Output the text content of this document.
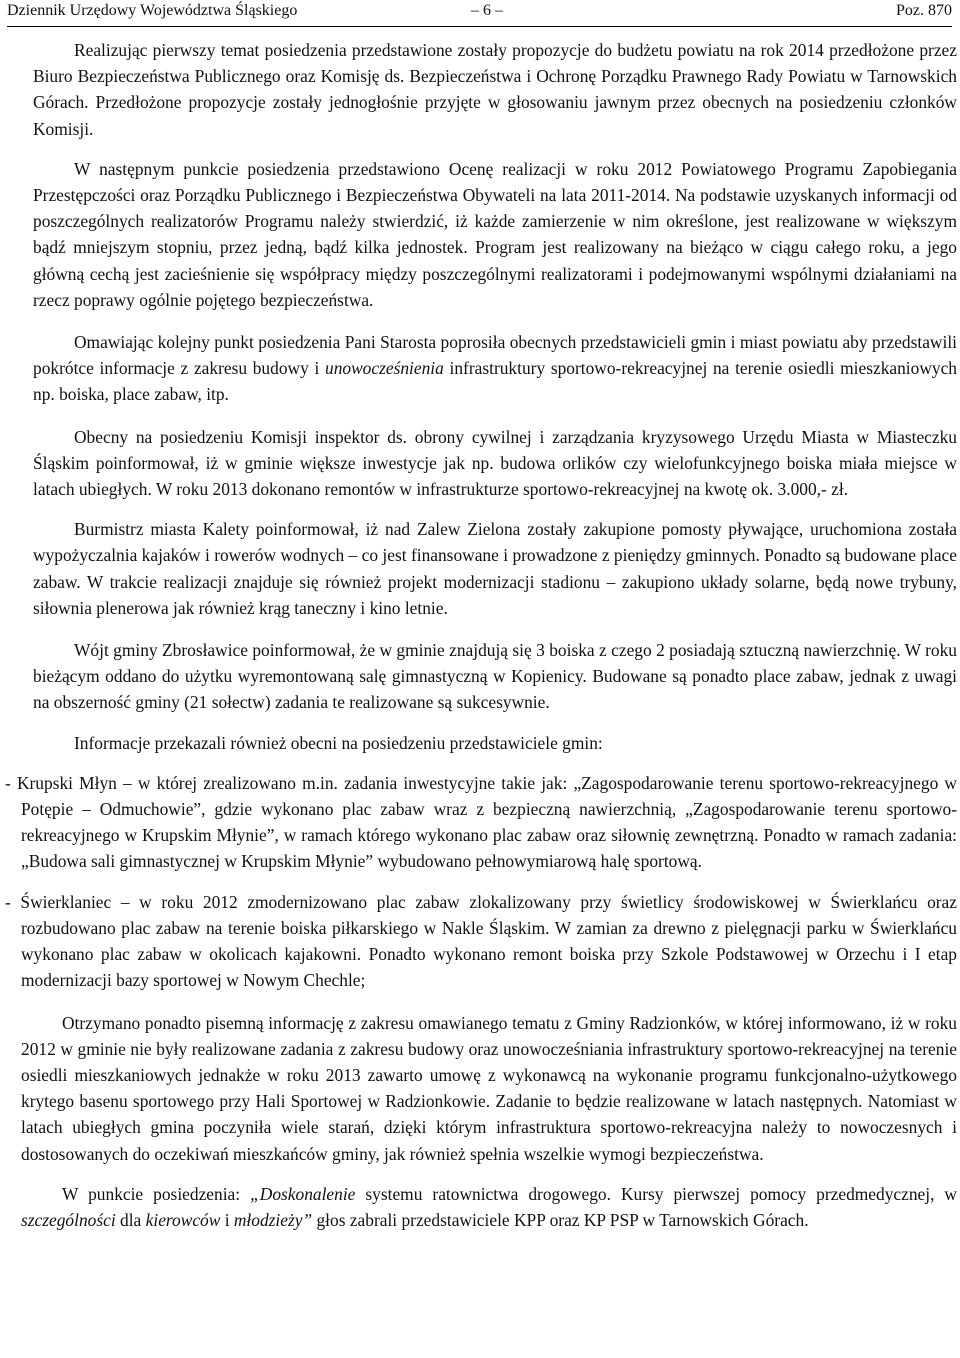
Dziennik Urzędowy Województwa Śląskiego	– 6 –	Poz. 870

Realizując pierwszy temat posiedzenia przedstawione zostały propozycje do budżetu powiatu na rok 2014 przedłożone przez Biuro Bezpieczeństwa Publicznego oraz Komisję ds. Bezpieczeństwa i Ochronę Porządku Prawnego Rady Powiatu w Tarnowskich Górach. Przedłożone propozycje zostały jednogłośnie przyjęte w głosowaniu jawnym przez obecnych na posiedzeniu członków Komisji.

W następnym punkcie posiedzenia przedstawiono Ocenę realizacji w roku 2012 Powiatowego Programu Zapobiegania Przestępczości oraz Porządku Publicznego i Bezpieczeństwa Obywateli na lata 2011-2014. Na podstawie uzyskanych informacji od poszczególnych realizatorów Programu należy stwierdzić, iż każde zamierzenie w nim określone, jest realizowane w większym bądź mniejszym stopniu, przez jedną, bądź kilka jednostek. Program jest realizowany na bieżąco w ciągu całego roku, a jego główną cechą jest zacieśnienie się współpracy między poszczególnymi realizatorami i podejmowanymi wspólnymi działaniami na rzecz poprawy ogólnie pojętego bezpieczeństwa.

Omawiając kolejny punkt posiedzenia Pani Starosta poprosiła obecnych przedstawicieli gmin i miast powiatu aby przedstawili pokrótce informacje z zakresu budowy i unowocześnienia infrastruktury sportowo-rekreacyjnej na terenie osiedli mieszkaniowych np. boiska, place zabaw, itp.

Obecny na posiedzeniu Komisji inspektor ds. obrony cywilnej i zarządzania kryzysowego Urzędu Miasta w Miasteczku Śląskim poinformował, iż w gminie większe inwestycje jak np. budowa orlików czy wielofunkcyjnego boiska miała miejsce w latach ubiegłych. W roku 2013 dokonano remontów w infrastrukturze sportowo-rekreacyjnej na kwotę ok. 3.000,- zł.

Burmistrz miasta Kalety poinformował, iż nad Zalew Zielona zostały zakupione pomosty pływające, uruchomiona została wypożyczalnia kajaków i rowerów wodnych – co jest finansowane i prowadzone z pieniędzy gminnych. Ponadto są budowane place zabaw. W trakcie realizacji znajduje się również projekt modernizacji stadionu – zakupiono układy solarne, będą nowe trybuny, siłownia plenerowa jak również krąg taneczny i kino letnie.

Wójt gminy Zbrosławice poinformował, że w gminie znajdują się 3 boiska z czego 2 posiadają sztuczną nawierzchnię. W roku bieżącym oddano do użytku wyremontowaną salę gimnastyczną w Kopienicy. Budowane są ponadto place zabaw, jednak z uwagi na obszerność gminy (21 sołectw) zadania te realizowane są sukcesywnie.

Informacje przekazali również obecni na posiedzeniu przedstawiciele gmin:

- Krupski Młyn – w której zrealizowano m.in. zadania inwestycyjne takie jak: „Zagospodarowanie terenu sportowo-rekreacyjnego w Potępie – Odmuchowie”, gdzie wykonano plac zabaw wraz z bezpieczną nawierzchnią, „Zagospodarowanie terenu sportowo-rekreacyjnego w Krupskim Młynie”, w ramach którego wykonano plac zabaw oraz siłownię zewnętrzną. Ponadto w ramach zadania: „Budowa sali gimnastycznej w Krupskim Młynie” wybudowano pełnowymiarową halę sportową.

- Świerklaniec – w roku 2012 zmodernizowano plac zabaw zlokalizowany przy świetlicy środowiskowej w Świerklańcu oraz rozbudowano plac zabaw na terenie boiska piłkarskiego w Nakle Śląskim. W zamian za drewno z pielęgnacji parku w Świerklańcu wykonano plac zabaw w okolicach kajakowni. Ponadto wykonano remont boiska przy Szkole Podstawowej w Orzechu i I etap modernizacji bazy sportowej w Nowym Chechle;

Otrzymano ponadto pisemną informację z zakresu omawianego tematu z Gminy Radzionków, w której informowano, iż w roku 2012 w gminie nie były realizowane zadania z zakresu budowy oraz unowocześniania infrastruktury sportowo-rekreacyjnej na terenie osiedli mieszkaniowych jednakże w roku 2013 zawarto umowę z wykonawcą na wykonanie programu funkcjonalno-użytkowego krytego basenu sportowego przy Hali Sportowej w Radzionkowie. Zadanie to będzie realizowane w latach następnych. Natomiast w latach ubiegłych gmina poczyniła wiele starań, dzięki którym infrastruktura sportowo-rekreacyjna należy to nowoczesnych i dostosowanych do oczekiwań mieszkańców gminy, jak również spełnia wszelkie wymogi bezpieczeństwa.

W punkcie posiedzenia: „Doskonalenie systemu ratownictwa drogowego. Kursy pierwszej pomocy przedmedycznej, w szczególności dla kierowców i młodzieży” głos zabrali przedstawiciele KPP oraz KP PSP w Tarnowskich Górach.
